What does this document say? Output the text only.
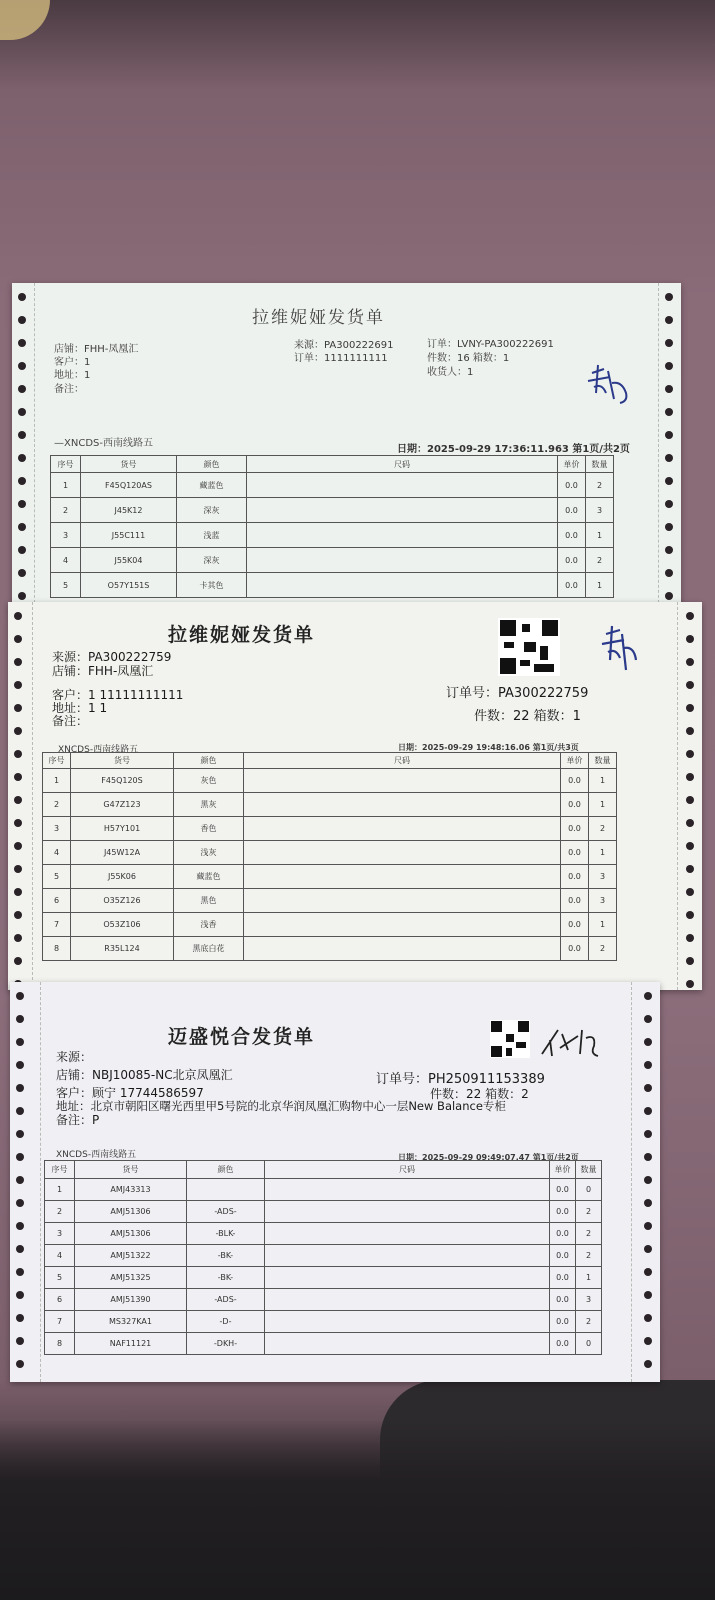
拉维妮娅发货单
店铺：FHH-凤凰汇
客户：1
地址：1
备注：
来源：PA300222691
订单：1111111111
订单：LVNY-PA300222691
件数：16 箱数：1
收货人：1
—XNCDS-西南线路五
日期：2025-09-29 17:36:11.963 第1页/共2页
序号	货号	颜色	尺码	单价	数量
1	F45Q120AS	藏蓝色		0.0	2
2	J45K12	深灰		0.0	3
3	J55C111	浅蓝		0.0	1
4	J55K04	深灰		0.0	2
5	O57Y151S	卡其色		0.0	1
拉维妮娅发货单
来源：PA300222759
店铺：FHH-凤凰汇
客户：1 11111111111
地址：1 1
备注：
订单号：PA300222759
件数：22 箱数：1
XNCDS-西南线路五	日期：2025-09-29 19:48:16.06 第1页/共3页
序号	货号	颜色	尺码	单价	数量
1	F45Q120S	灰色		0.0	1
2	G47Z123	黑灰		0.0	1
3	H57Y101	香色		0.0	2
4	J45W12A	浅灰		0.0	1
5	J55K06	藏蓝色		0.0	3
6	O35Z126	黑色		0.0	3
7	O53Z106	浅香		0.0	1
8	R35L124	黑底白花		0.0	2
迈盛悦合发货单
来源：
店铺：NBJ10085-NC北京凤凰汇
客户：顾宁 17744586597
地址：北京市朝阳区曙光西里甲5号院的北京华润凤凰汇购物中心一层New Balance专柜
备注：P
订单号：PH250911153389
件数：22 箱数：2
XNCDS-西南线路五	日期：2025-09-29 09:49:07.47 第1页/共2页
序号	货号	颜色	尺码	单价	数量
1	AMJ43313			0.0	0
2	AMJ51306	-ADS-		0.0	2
3	AMJ51306	-BLK-		0.0	2
4	AMJ51322	-BK-		0.0	2
5	AMJ51325	-BK-		0.0	1
6	AMJ51390	-ADS-		0.0	3
7	MS327KA1	-D-		0.0	2
8	NAF11121	-DKH-		0.0	0
